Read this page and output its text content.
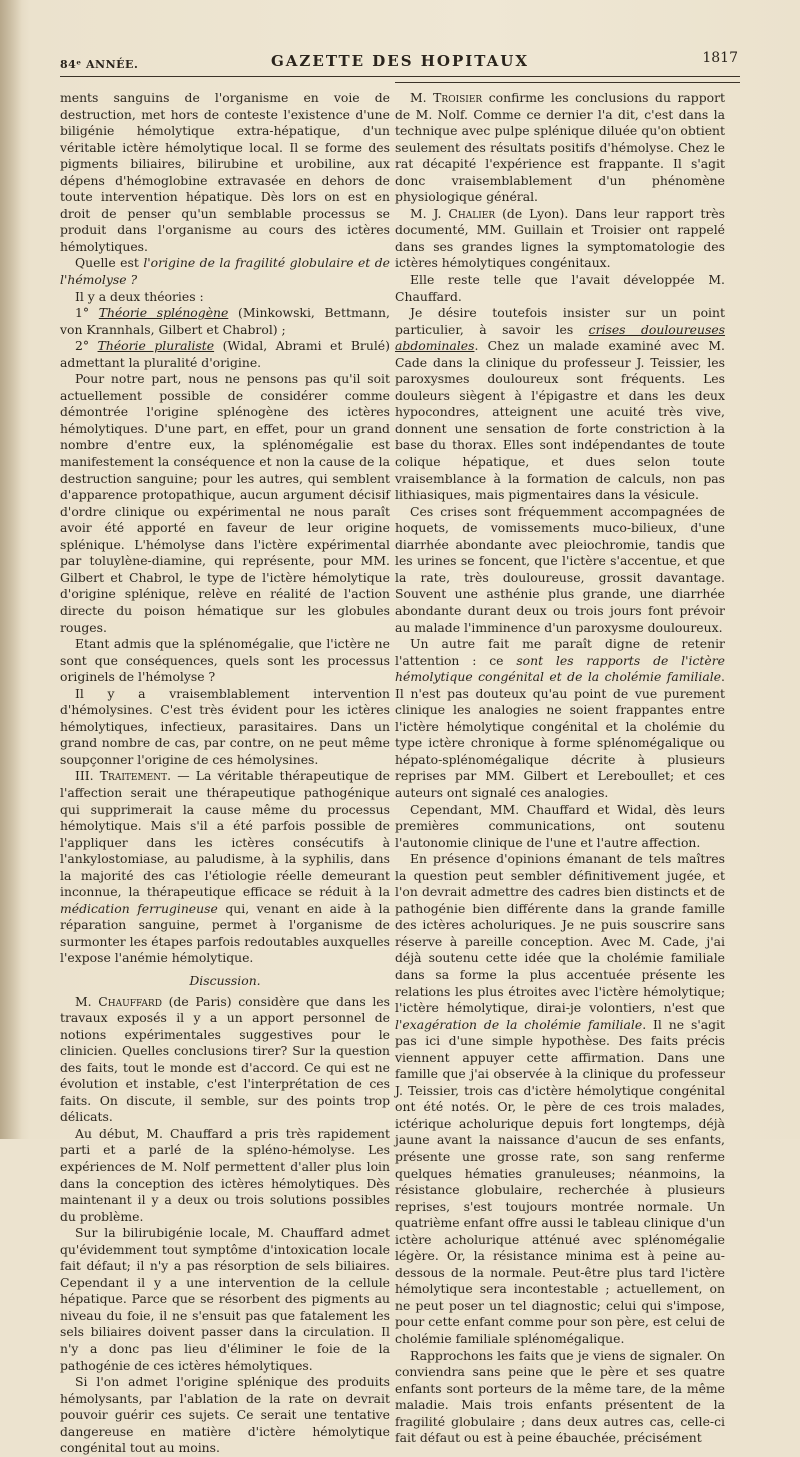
84ᵉ ANNÉE.	GAZETTE DES HOPITAUX	1817

ments sanguins de l'organisme en voie de destruction, met hors de conteste l'existence d'une biligénie hémolytique extra-hépatique, d'un véritable ictère hémolytique local. Il se forme des pigments biliaires, bilirubine et urobiline, aux dépens d'hémoglobine extravasée en dehors de toute intervention hépatique. Dès lors on est en droit de penser qu'un semblable processus se produit dans l'organisme au cours des ictères hémolytiques.

Quelle est l'origine de la fragilité globulaire et de l'hémolyse ?

Il y a deux théories :

1° Théorie splénogène (Minkowski, Bettmann, von Krannhals, Gilbert et Chabrol) ;

2° Théorie pluraliste (Widal, Abrami et Brulé) admettant la pluralité d'origine.

Pour notre part, nous ne pensons pas qu'il soit actuellement possible de considérer comme démontrée l'origine splénogène des ictères hémolytiques. D'une part, en effet, pour un grand nombre d'entre eux, la splénomégalie est manifestement la conséquence et non la cause de la destruction sanguine; pour les autres, qui semblent d'apparence protopathique, aucun argument décisif d'ordre clinique ou expérimental ne nous paraît avoir été apporté en faveur de leur origine splénique. L'hémolyse dans l'ictère expérimental par toluylène-diamine, qui représente, pour MM. Gilbert et Chabrol, le type de l'ictère hémolytique d'origine splénique, relève en réalité de l'action directe du poison hématique sur les globules rouges.

Etant admis que la splénomégalie, que l'ictère ne sont que conséquences, quels sont les processus originels de l'hémolyse ?

Il y a vraisemblablement intervention d'hémolysines. C'est très évident pour les ictères hémolytiques, infectieux, parasitaires. Dans un grand nombre de cas, par contre, on ne peut même soupçonner l'origine de ces hémolysines.

III. Traitement. — La véritable thérapeutique de l'affection serait une thérapeutique pathogénique qui supprimerait la cause même du processus hémolytique. Mais s'il a été parfois possible de l'appliquer dans les ictères consécutifs à l'ankylostomiase, au paludisme, à la syphilis, dans la majorité des cas l'étiologie réelle demeurant inconnue, la thérapeutique efficace se réduit à la médication ferrugineuse qui, venant en aide à la réparation sanguine, permet à l'organisme de surmonter les étapes parfois redoutables auxquelles l'expose l'anémie hémolytique.

Discussion.

M. Chauffard (de Paris) considère que dans les travaux exposés il y a un apport personnel de notions expérimentales suggestives pour le clinicien. Quelles conclusions tirer? Sur la question des faits, tout le monde est d'accord. Ce qui est ne évolution et instable, c'est l'interprétation de ces faits. On discute, il semble, sur des points trop délicats.

Au début, M. Chauffard a pris très rapidement parti et a parlé de la spléno-hémolyse. Les expériences de M. Nolf permettent d'aller plus loin dans la conception des ictères hémolytiques. Dès maintenant il y a deux ou trois solutions possibles du problème.

Sur la bilirubigénie locale, M. Chauffard admet qu'évidemment tout symptôme d'intoxication locale fait défaut; il n'y a pas résorption de sels biliaires. Cependant il y a une intervention de la cellule hépatique. Parce que se résorbent des pigments au niveau du foie, il ne s'ensuit pas que fatalement les sels biliaires doivent passer dans la circulation. Il n'y a donc pas lieu d'éliminer le foie de la pathogénie de ces ictères hémolytiques.

Si l'on admet l'origine splénique des produits hémolysants, par l'ablation de la rate on devrait pouvoir guérir ces sujets. Ce serait une tentative dangereuse en matière d'ictère hémolytique congénital tout au moins.

M. Troisier confirme les conclusions du rapport de M. Nolf. Comme ce dernier l'a dit, c'est dans la technique avec pulpe splénique diluée qu'on obtient seulement des résultats positifs d'hémolyse. Chez le rat décapité l'expérience est frappante. Il s'agit donc vraisemblablement d'un phénomène physiologique général.

M. J. Chalier (de Lyon). Dans leur rapport très documenté, MM. Guillain et Troisier ont rappelé dans ses grandes lignes la symptomatologie des ictères hémolytiques congénitaux.

Elle reste telle que l'avait développée M. Chauffard.

Je désire toutefois insister sur un point particulier, à savoir les crises douloureuses abdominales. Chez un malade examiné avec M. Cade dans la clinique du professeur J. Teissier, les paroxysmes douloureux sont fréquents. Les douleurs siègent à l'épigastre et dans les deux hypocondres, atteignent une acuité très vive, donnent une sensation de forte constriction à la base du thorax. Elles sont indépendantes de toute colique hépatique, et dues selon toute vraisemblance à la formation de calculs, non pas lithiasiques, mais pigmentaires dans la vésicule.

Ces crises sont fréquemment accompagnées de hoquets, de vomissements muco-bilieux, d'une diarrhée abondante avec pleiochromie, tandis que les urines se foncent, que l'ictère s'accentue, et que la rate, très douloureuse, grossit davantage. Souvent une asthénie plus grande, une diarrhée abondante durant deux ou trois jours font prévoir au malade l'imminence d'un paroxysme douloureux.

Un autre fait me paraît digne de retenir l'attention : ce sont les rapports de l'ictère hémolytique congénital et de la cholémie familiale. Il n'est pas douteux qu'au point de vue purement clinique les analogies ne soient frappantes entre l'ictère hémolytique congénital et la cholémie du type ictère chronique à forme splénomégalique ou hépato-splénomégalique décrite à plusieurs reprises par MM. Gilbert et Lereboullet; et ces auteurs ont signalé ces analogies.

Cependant, MM. Chauffard et Widal, dès leurs premières communications, ont soutenu l'autonomie clinique de l'une et l'autre affection.

En présence d'opinions émanant de tels maîtres la question peut sembler définitivement jugée, et l'on devrait admettre des cadres bien distincts et de pathogénie bien différente dans la grande famille des ictères acholuriques. Je ne puis souscrire sans réserve à pareille conception. Avec M. Cade, j'ai déjà soutenu cette idée que la cholémie familiale dans sa forme la plus accentuée présente les relations les plus étroites avec l'ictère hémolytique; l'ictère hémolytique, dirai-je volontiers, n'est que l'exagération de la cholémie familiale. Il ne s'agit pas ici d'une simple hypothèse. Des faits précis viennent appuyer cette affirmation. Dans une famille que j'ai observée à la clinique du professeur J. Teissier, trois cas d'ictère hémolytique congénital ont été notés. Or, le père de ces trois malades, ictérique acholurique depuis fort longtemps, déjà jaune avant la naissance d'aucun de ses enfants, présente une grosse rate, son sang renferme quelques hématies granuleuses; néanmoins, la résistance globulaire, recherchée à plusieurs reprises, s'est toujours montrée normale. Un quatrième enfant offre aussi le tableau clinique d'un ictère acholurique atténué avec splénomégalie légère. Or, la résistance minima est à peine au-dessous de la normale. Peut-être plus tard l'ictère hémolytique sera incontestable ; actuellement, on ne peut poser un tel diagnostic; celui qui s'impose, pour cette enfant comme pour son père, est celui de cholémie familiale splénomégalique.

Rapprochons les faits que je viens de signaler. On conviendra sans peine que le père et ses quatre enfants sont porteurs de la même tare, de la même maladie. Mais trois enfants présentent de la fragilité globulaire ; dans deux autres cas, celle-ci fait défaut ou est à peine ébauchée, précisément
